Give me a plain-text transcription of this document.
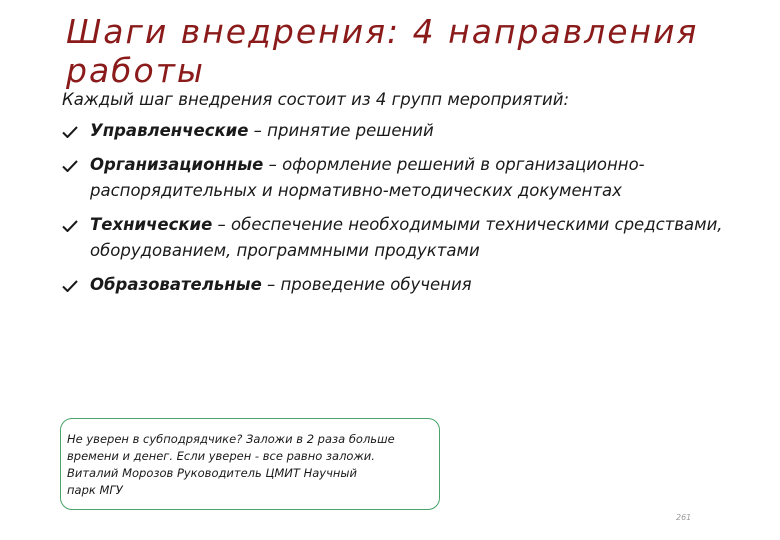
Шаги внедрения: 4 направления работы

Каждый шаг внедрения состоит из 4 групп мероприятий:

Управленческие – принятие решений
Организационные – оформление решений в организационно-распорядительных и нормативно-методических документах
Технические – обеспечение необходимыми техническими средствами, оборудованием, программными продуктами
Образовательные – проведение обучения
Не уверен в субподрядчике? Заложи в 2 раза больше
времени и денег. Если уверен - все равно заложи.
Виталий Морозов Руководитель ЦМИТ Научный
парк МГУ
261
